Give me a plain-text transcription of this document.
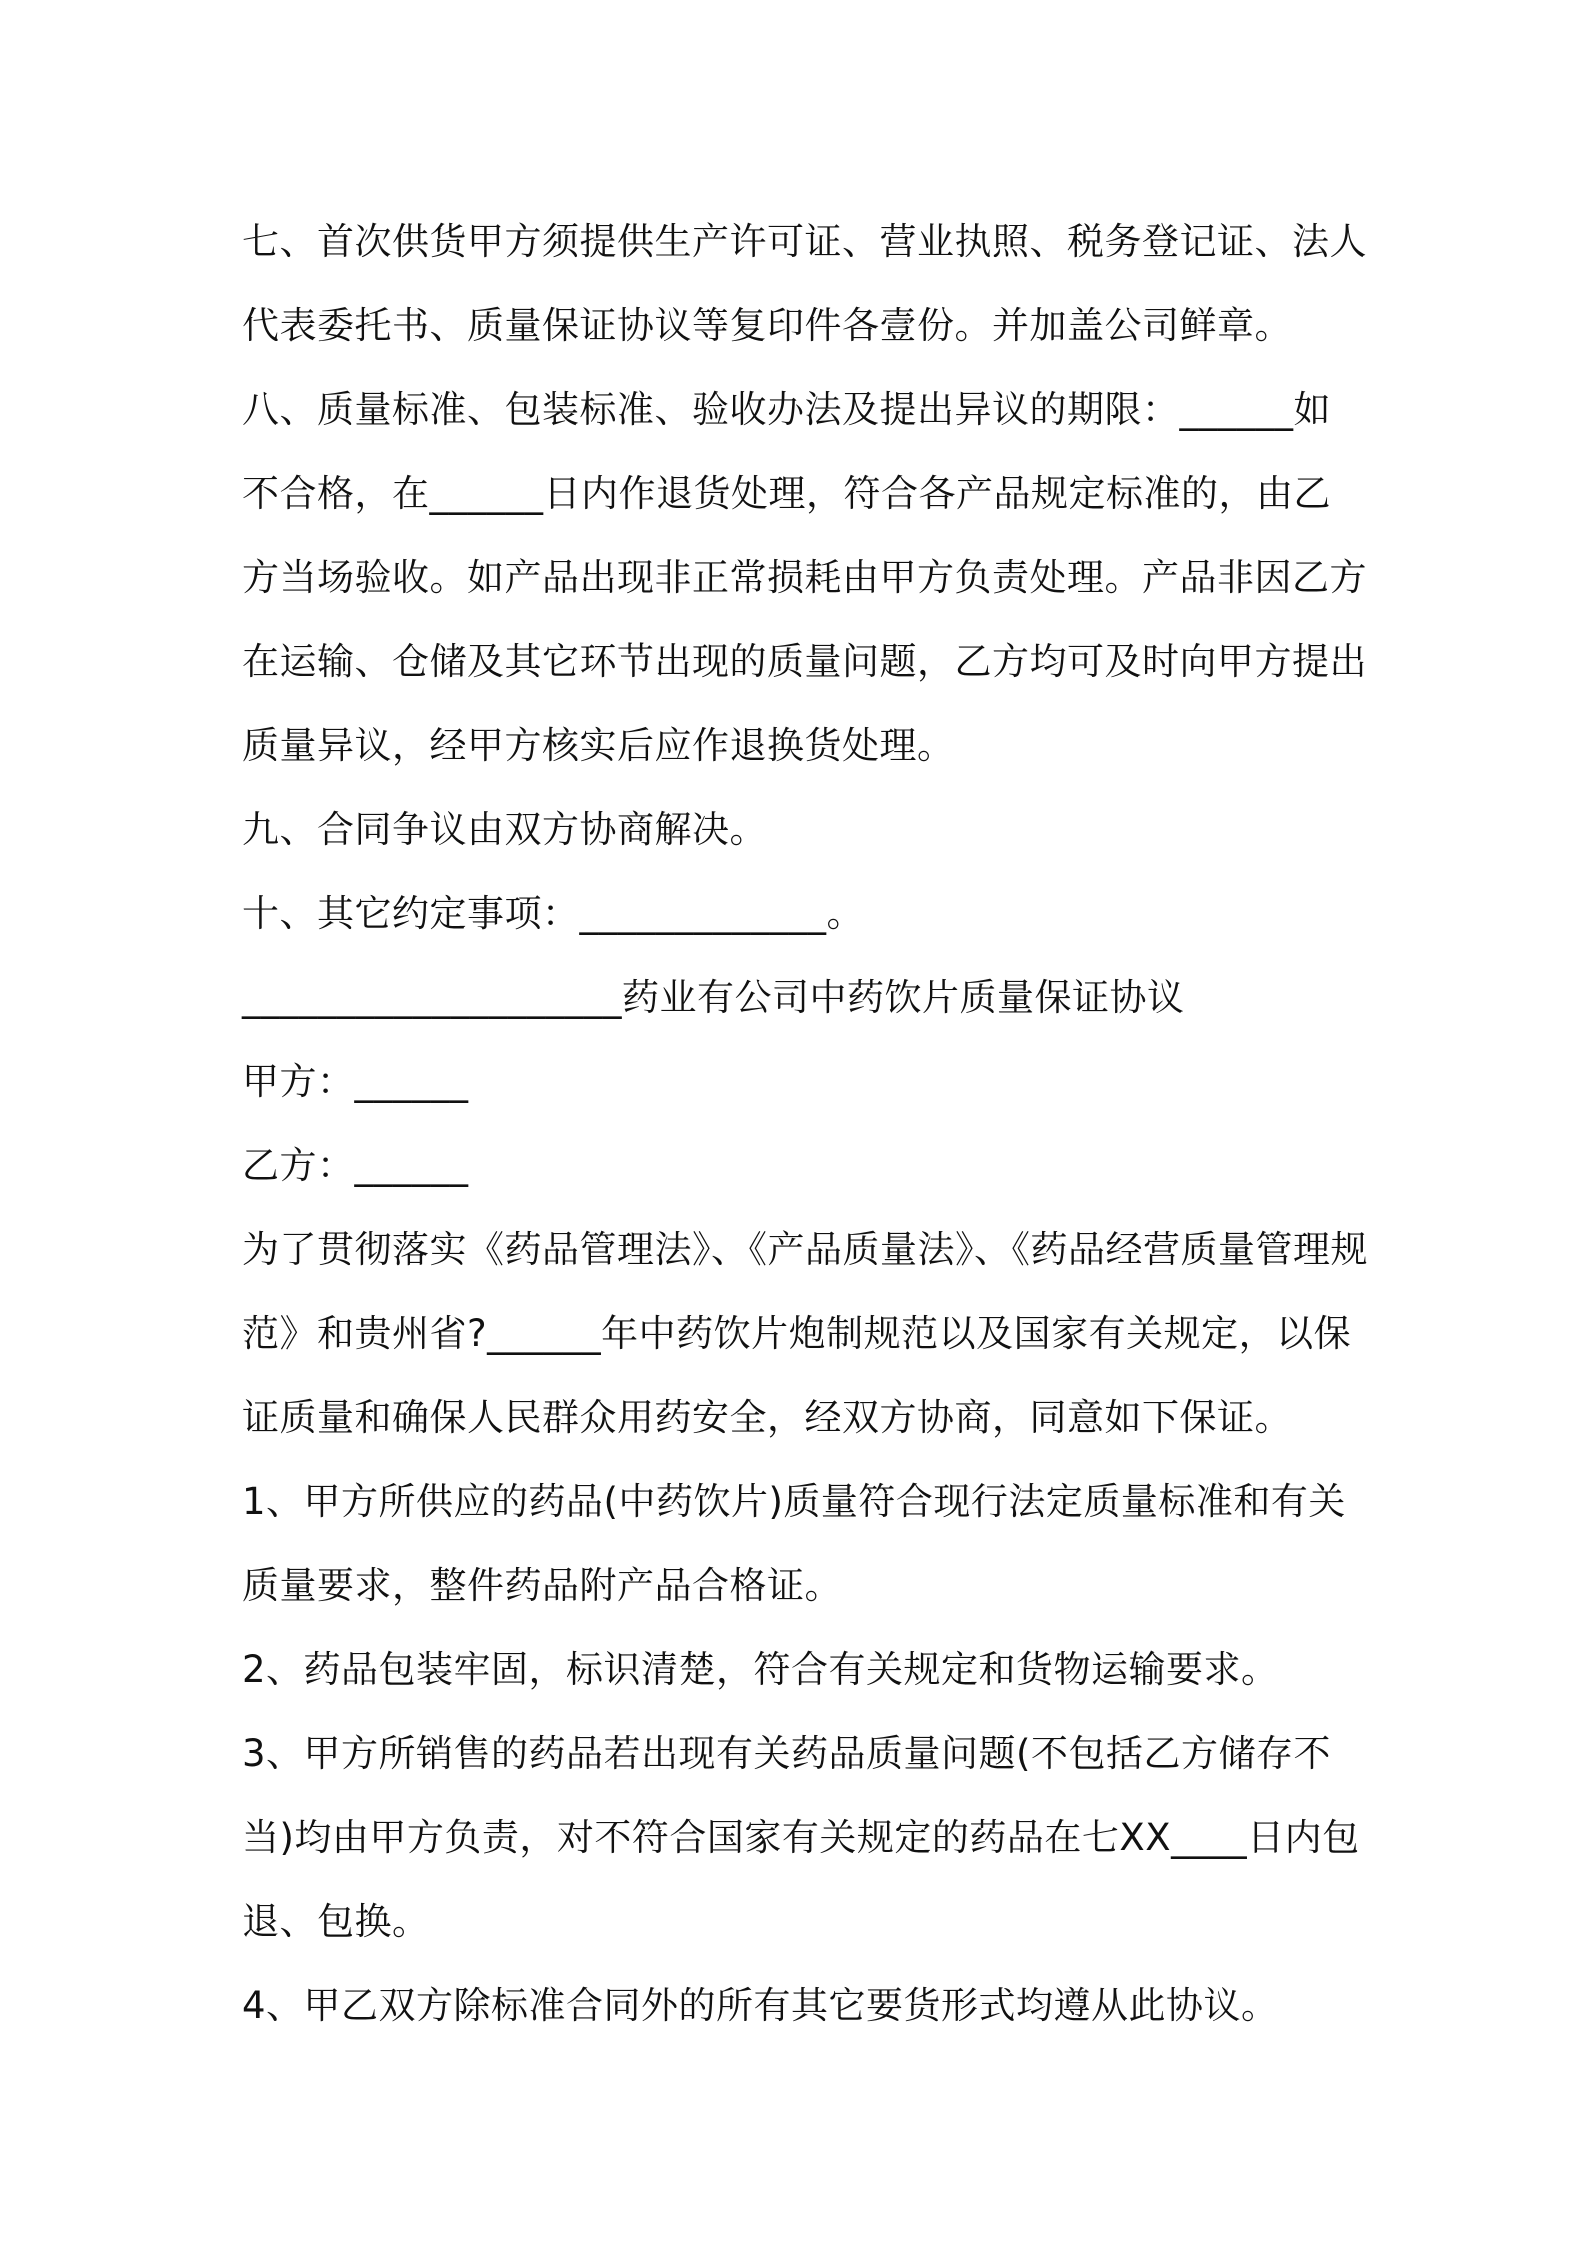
七、首次供货甲方须提供生产许可证、营业执照、税务登记证、法人
代表委托书、质量保证协议等复印件各壹份。并加盖公司鲜章。

八、质量标准、包装标准、验收办法及提出异议的期限：______如
不合格，在______日内作退货处理，符合各产品规定标准的，由乙
方当场验收。如产品出现非正常损耗由甲方负责处理。产品非因乙方
在运输、仓储及其它环节出现的质量问题，乙方均可及时向甲方提出
质量异议，经甲方核实后应作退换货处理。

九、合同争议由双方协商解决。

十、其它约定事项：_____________。

____________________药业有公司中药饮片质量保证协议

甲方：______

乙方：______

为了贯彻落实《药品管理法》、《产品质量法》、《药品经营质量管理规
范》和贵州省?______年中药饮片炮制规范以及国家有关规定，以保
证质量和确保人民群众用药安全，经双方协商，同意如下保证。

1、甲方所供应的药品(中药饮片)质量符合现行法定质量标准和有关
质量要求，整件药品附产品合格证。

2、药品包装牢固，标识清楚，符合有关规定和货物运输要求。

3、甲方所销售的药品若出现有关药品质量问题(不包括乙方储存不
当)均由甲方负责，对不符合国家有关规定的药品在七XX____日内包
退、包换。

4、甲乙双方除标准合同外的所有其它要货形式均遵从此协议。
